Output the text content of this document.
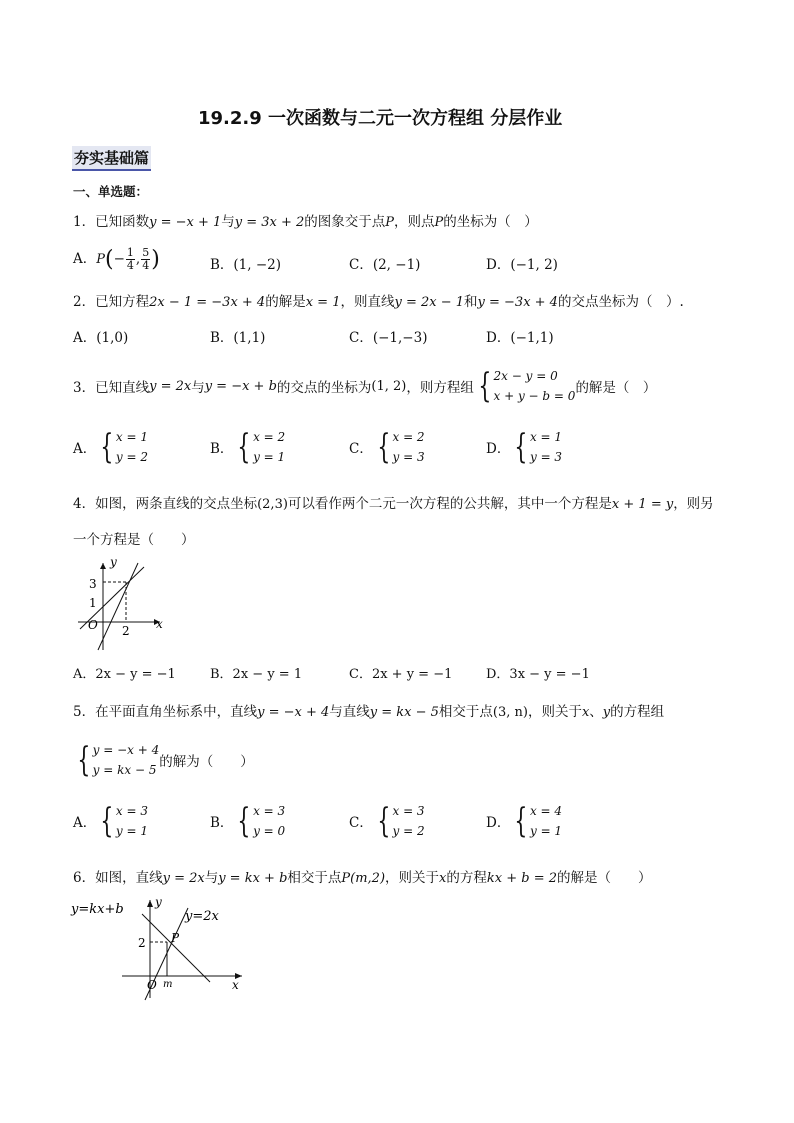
19.2.9 一次函数与二元一次方程组 分层作业
夯实基础篇
一、单选题：
1．已知函数y = −x + 1与y = 3x + 2的图象交于点P，则点P的坐标为（　）
A．$P(- \frac{1}{4}$ , $\frac{5}{4}$ )	B．(1, −2)	C．(2, −1)	D．(−1, 2)
2．已知方程2x − 1 = −3x + 4的解是x = 1，则直线y = 2x − 1和y = −3x + 4的交点坐标为（　）.
A．(1,0)	B．(1,1)	C．(−1,−3)	D．(−1,1)
3．已知直线 y = 2x 与 y = −x + b 的交点的坐标为 (1, 2) ，则方程组 { 2x − y = 0
x + y − b = 0 的解是（　）
A． { x = 1
y = 2	B． { x = 2
y = 1	C． { x = 2
y = 3	D． { x = 1
y = 3
4．如图，两条直线的交点坐标(2,3)可以看作两个二元一次方程的公共解，其中一个方程是x + 1 = y，则另
一个方程是（　　）
y
x
O
3
1
2
A．2x − y = −1	B．2x − y = 1	C．2x + y = −1	D．3x − y = −1
5．在平面直角坐标系中，直线y = −x + 4与直线y = kx − 5相交于点(3, n)，则关于x、y的方程组
{ y = −x + 4
y = kx − 5 的解为（　　）
A． { x = 3
y = 1	B． { x = 3
y = 0	C． { x = 3
y = 2	D． { x = 4
y = 1
6．如图，直线y = 2x与y = kx + b相交于点P(m,2)，则关于x的方程kx + b = 2的解是（　　）
y=kx+b	y=2x
y
x
O
2 P
m
